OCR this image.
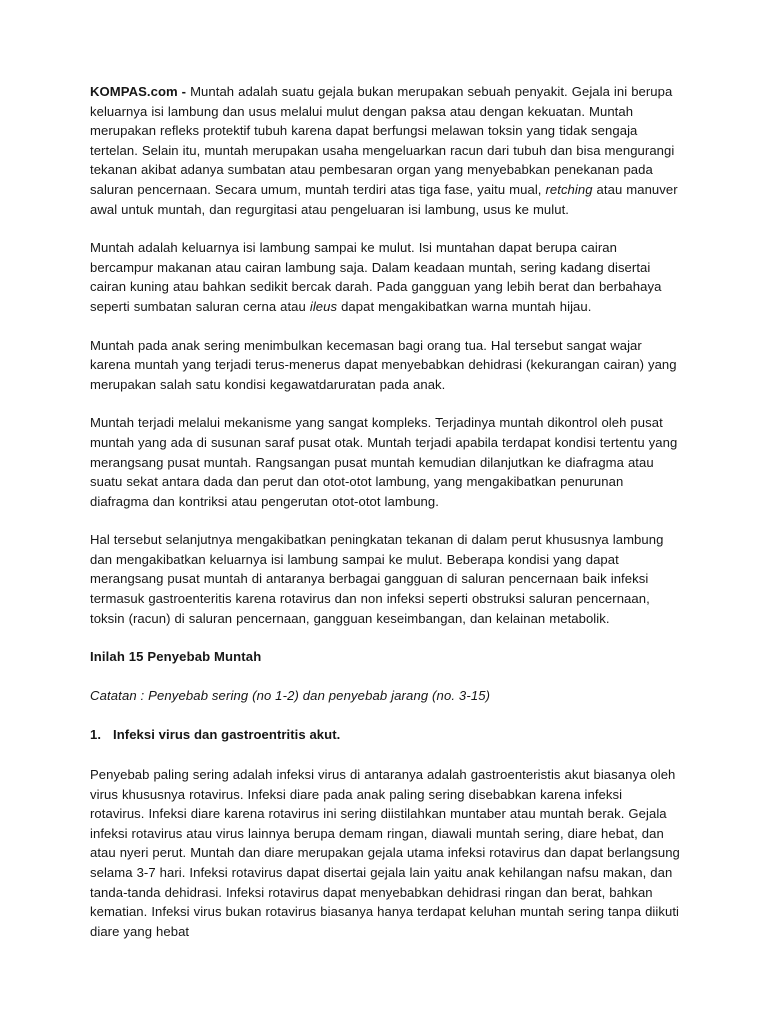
KOMPAS.com - Muntah adalah suatu gejala bukan merupakan sebuah penyakit. Gejala ini berupa keluarnya isi lambung dan usus melalui mulut dengan paksa atau dengan kekuatan. Muntah merupakan refleks protektif tubuh karena dapat berfungsi melawan toksin yang tidak sengaja tertelan. Selain itu, muntah merupakan usaha mengeluarkan racun dari tubuh dan bisa mengurangi tekanan akibat adanya sumbatan atau pembesaran organ yang menyebabkan penekanan pada saluran pencernaan. Secara umum, muntah terdiri atas tiga fase, yaitu mual, retching atau manuver awal untuk muntah, dan regurgitasi atau pengeluaran isi lambung, usus ke mulut.

Muntah adalah keluarnya isi lambung sampai ke mulut. Isi muntahan dapat berupa cairan bercampur makanan atau cairan lambung saja. Dalam keadaan muntah, sering kadang disertai cairan kuning atau bahkan sedikit bercak darah. Pada gangguan yang lebih berat dan berbahaya seperti sumbatan saluran cerna atau ileus dapat mengakibatkan warna muntah hijau.

Muntah pada anak sering menimbulkan kecemasan bagi orang tua. Hal tersebut sangat wajar karena muntah yang terjadi terus-menerus dapat menyebabkan dehidrasi (kekurangan cairan) yang merupakan salah satu kondisi kegawatdaruratan pada anak.

Muntah terjadi melalui mekanisme yang sangat kompleks. Terjadinya muntah dikontrol oleh pusat muntah yang ada di susunan saraf pusat otak. Muntah terjadi apabila terdapat kondisi tertentu yang merangsang pusat muntah. Rangsangan pusat muntah kemudian dilanjutkan ke diafragma atau suatu sekat antara dada dan perut dan otot-otot lambung, yang mengakibatkan penurunan diafragma dan kontriksi atau pengerutan otot-otot lambung.

Hal tersebut selanjutnya mengakibatkan peningkatan tekanan di dalam perut khususnya lambung dan mengakibatkan keluarnya isi lambung sampai ke mulut. Beberapa kondisi yang dapat merangsang pusat muntah di antaranya berbagai gangguan di saluran pencernaan baik infeksi termasuk gastroenteritis karena rotavirus dan non infeksi seperti obstruksi saluran pencernaan, toksin (racun) di saluran pencernaan, gangguan keseimbangan, dan kelainan metabolik.

Inilah 15 Penyebab Muntah

Catatan : Penyebab sering (no 1-2) dan penyebab jarang (no. 3-15)

1. Infeksi virus dan gastroentritis akut.

Penyebab paling sering adalah infeksi virus di antaranya adalah gastroenteristis akut biasanya oleh virus khususnya rotavirus. Infeksi diare pada anak paling sering disebabkan karena infeksi rotavirus. Infeksi diare karena rotavirus ini sering diistilahkan muntaber atau muntah berak. Gejala infeksi rotavirus atau virus lainnya berupa demam ringan, diawali muntah sering, diare hebat, dan atau nyeri perut. Muntah dan diare merupakan gejala utama infeksi rotavirus dan dapat berlangsung selama 3-7 hari. Infeksi rotavirus dapat disertai gejala lain yaitu anak kehilangan nafsu makan, dan tanda-tanda dehidrasi. Infeksi rotavirus dapat menyebabkan dehidrasi ringan dan berat, bahkan kematian. Infeksi virus bukan rotavirus biasanya hanya terdapat keluhan muntah sering tanpa diikuti diare yang hebat
